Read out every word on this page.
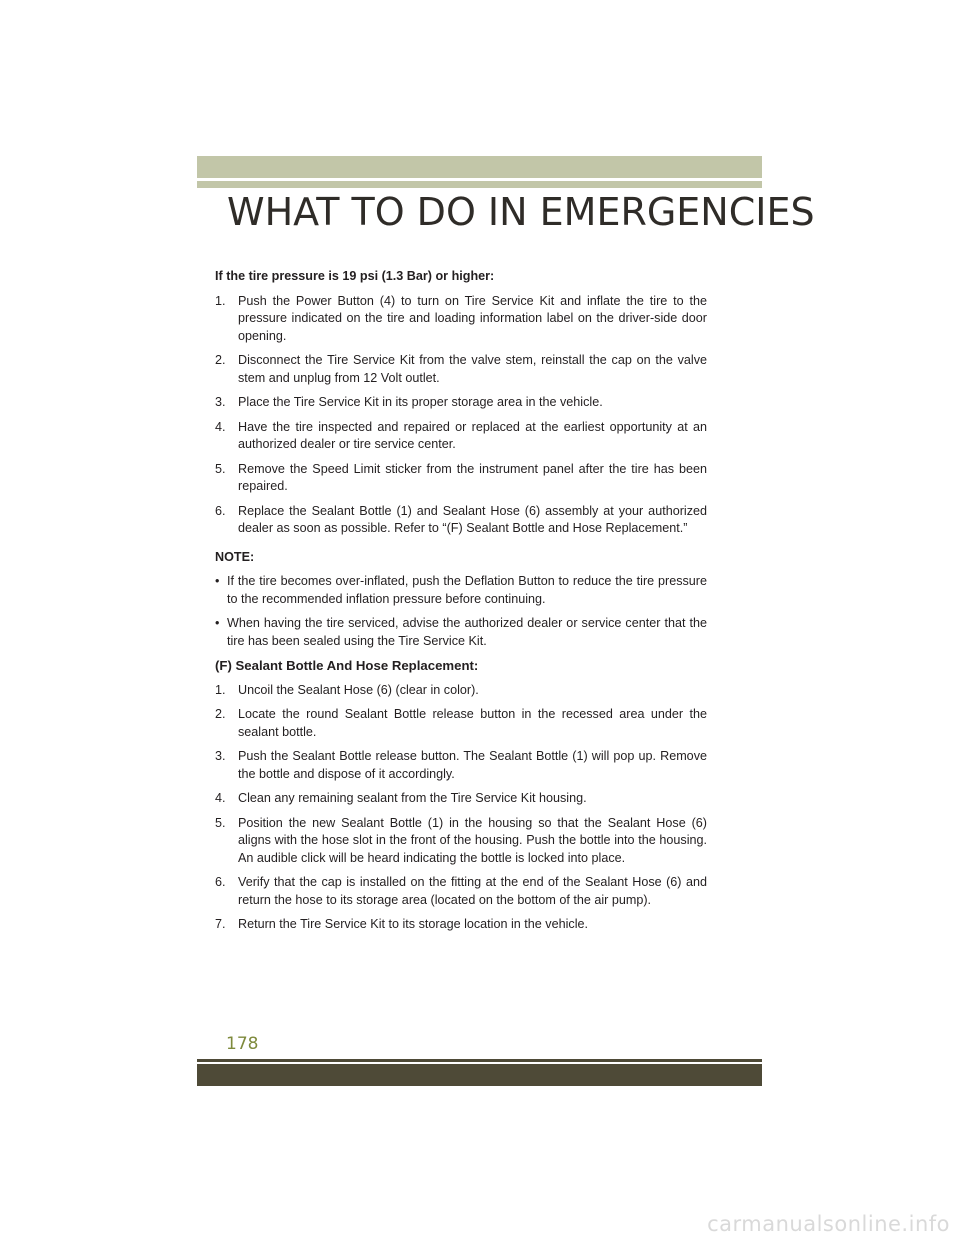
WHAT TO DO IN EMERGENCIES
If the tire pressure is 19 psi (1.3 Bar) or higher:
1. Push the Power Button (4) to turn on Tire Service Kit and inflate the tire to the pressure indicated on the tire and loading information label on the driver-side door opening.
2. Disconnect the Tire Service Kit from the valve stem, reinstall the cap on the valve stem and unplug from 12 Volt outlet.
3. Place the Tire Service Kit in its proper storage area in the vehicle.
4. Have the tire inspected and repaired or replaced at the earliest opportunity at an authorized dealer or tire service center.
5. Remove the Speed Limit sticker from the instrument panel after the tire has been repaired.
6. Replace the Sealant Bottle (1) and Sealant Hose (6) assembly at your authorized dealer as soon as possible. Refer to “(F) Sealant Bottle and Hose Replacement.”
NOTE:
• If the tire becomes over-inflated, push the Deflation Button to reduce the tire pressure to the recommended inflation pressure before continuing.
• When having the tire serviced, advise the authorized dealer or service center that the tire has been sealed using the Tire Service Kit.
(F) Sealant Bottle And Hose Replacement:
1. Uncoil the Sealant Hose (6) (clear in color).
2. Locate the round Sealant Bottle release button in the recessed area under the sealant bottle.
3. Push the Sealant Bottle release button. The Sealant Bottle (1) will pop up. Remove the bottle and dispose of it accordingly.
4. Clean any remaining sealant from the Tire Service Kit housing.
5. Position the new Sealant Bottle (1) in the housing so that the Sealant Hose (6) aligns with the hose slot in the front of the housing. Push the bottle into the housing. An audible click will be heard indicating the bottle is locked into place.
6. Verify that the cap is installed on the fitting at the end of the Sealant Hose (6) and return the hose to its storage area (located on the bottom of the air pump).
7. Return the Tire Service Kit to its storage location in the vehicle.
178
carmanualsonline.info
